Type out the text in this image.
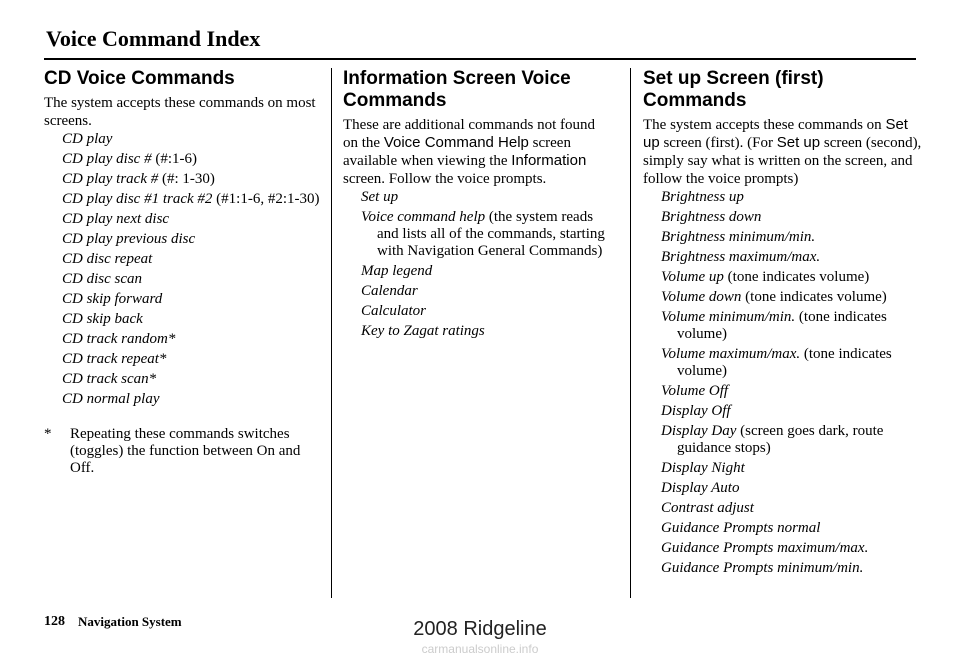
Voice Command Index
CD Voice Commands

The system accepts these commands on most screens.

CD play
CD play disc # (#:1-6)
CD play track # (#: 1-30)
CD play disc #1 track #2 (#1:1-6, #2:1-30)
CD play next disc
CD play previous disc
CD disc repeat
CD disc scan
CD skip forward
CD skip back
CD track random*
CD track repeat*
CD track scan*
CD normal play
*	Repeating these commands switches (toggles) the function between On and Off.
Information Screen Voice Commands

These are additional commands not found on the Voice Command Help screen available when viewing the Information screen. Follow the voice prompts.

Set up
Voice command help (the system reads and lists all of the commands, starting with Navigation General Commands)
Map legend
Calendar
Calculator
Key to Zagat ratings
Set up Screen (first) Commands

The system accepts these commands on Set up screen (first). (For Set up screen (second), simply say what is written on the screen, and follow the voice prompts)

Brightness up
Brightness down
Brightness minimum/min.
Brightness maximum/max.
Volume up (tone indicates volume)
Volume down (tone indicates volume)
Volume minimum/min. (tone indicates volume)
Volume maximum/max. (tone indicates volume)
Volume Off
Display Off
Display Day (screen goes dark, route guidance stops)
Display Night
Display Auto
Contrast adjust
Guidance Prompts normal
Guidance Prompts maximum/max.
Guidance Prompts minimum/min.
128 Navigation System	2008 Ridgeline
carmanualsonline.info
